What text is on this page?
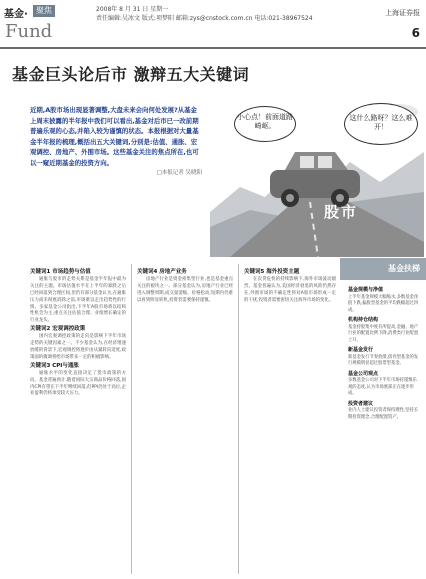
基金·	聚焦
Fund
2008年 8 月 31 日 星期一
责任编辑:吴冰文 版式:项梦阳 邮箱:zys@cnstock.com.cn 电话:021-38967524
上海证券报
6
基金巨头论后市 激辩五大关键词
近期,A股市场出现显著调整,大盘未来会向何处发展?从基金上周末披露的半年报中我们可以看出,基金对后市已一改前期普遍乐观的心态,并陷入较为谨慎的状态。本报根据对大量基金半年报的梳理,概括出五大关键词,分别是:估值、通胀、宏观调控、房地产、外围市场。这些基金关注的焦点所在,也可以一窥近期基金的投资方向。
□本报记者 吴晓阳
小心点！前面道路崎岖。
这什么路呀？这么难开！
股市
关键词1 市场趋势与估值

通胀与股市的走势关系是基金半年报中最为关注的主题。市场估值水平在上半年的暴跌之后已经回落到合理区间,但仍有部分基金认为,在通胀压力尚未彻底消除之前,市场难以走出趋势性的行情。多家基金公司指出,下半年A股市场将以结构性机会为主,重点关注估值合理、业绩增长确定的行业龙头。

关键词2 宏观调控政策

国内宏观调控政策的走向是影响下半年市场走势的关键因素之一。不少基金认为,在经济增速放缓的背景下,宏观调控将逐步由从紧转向适度,政策面的微调将给市场带来一定的积极影响。

关键词3 CPI与通胀

通胀水平的变化直接决定了货币政策的方向。基金普遍预计,随着国际大宗商品价格回落,国内CPI有望在下半年继续回落,但PPI仍处于高位,企业盈利仍将承受较大压力。

关键词4 房地产业务

房地产行业是资金密集型行业,也是基金重点关注的板块之一。部分基金认为,房地产行业已经进入调整周期,成交量萎缩、价格松动,短期内仍难以看到明显转机,投资者需要保持谨慎。

关键词5 海外投资主题

在次贷危机的持续影响下,海外市场波动剧烈。基金普遍认为,美国经济衰退的风险仍然存在,外围市场的不确定性将对A股市场形成一定的干扰,投资者需要密切关注海外市场的变化。

基金扶梯
基金规模与净值

上半年基金规模大幅缩水,多数基金净值下跌,偏股型基金的平均跌幅超过四成。

机构持仓结构

基金持股集中度有所提高,金融、地产行业的配置比例下降,消费类行业配置上升。

新基金发行

新基金发行节奏放缓,债券型基金的发行规模明显超过股票型基金。

基金公司观点

多数基金公司对下半年市场持谨慎乐观的态度,认为市场底部正在逐步形成。

投资者建议

业内人士建议投资者保持理性,坚持长期投资理念,合理配置资产。
